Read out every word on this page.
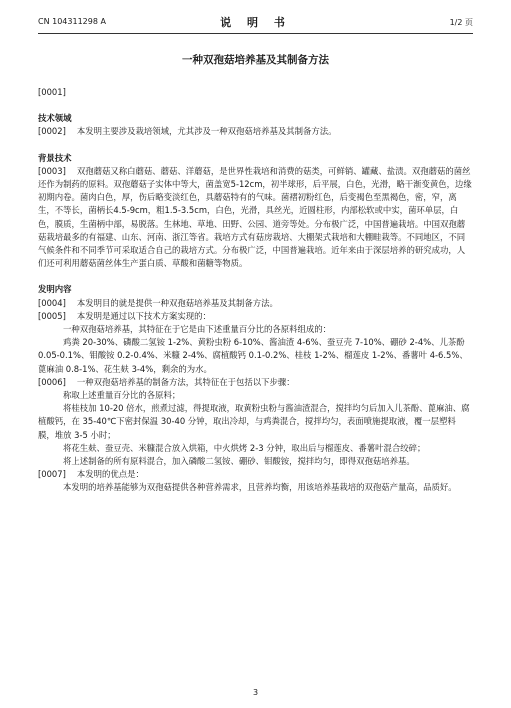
CN 104311298 A	说 明 书	1/2 页
一种双孢菇培养基及其制备方法

[0001]

技术领域

[0002]　 本发明主要涉及栽培领域，尤其涉及一种双孢菇培养基及其制备方法。

背景技术

[0003]　 双孢蘑菇又称白蘑菇、蘑菇、洋蘑菇，是世界性栽培和消费的菇类，可鲜销、罐藏、盐渍。双孢蘑菇的菌丝还作为制药的原料。双孢蘑菇子实体中等大，菌盖宽5-12cm，初半球形，后平展，白色，光滑，略干渐变黄色，边缘初期内卷。菌肉白色，厚，伤后略变淡红色，具蘑菇特有的气味。菌褶初粉红色，后变褐色至黑褐色，密，窄，离生，不等长，菌柄长4.5-9cm，粗1.5-3.5cm，白色，光滑，具丝光，近圆柱形，内部松软或中实，菌环单层，白色，膜质，生菌柄中部，易脱落。生林地、草地、田野、公园、道旁等处。分布极广泛，中国普遍栽培。中国双孢蘑菇栽培最多的有福建、山东、河南、浙江等省。栽培方式有菇房栽培、大棚架式栽培和大棚畦栽等。不同地区，不同气候条件和不同季节可采取适合自己的栽培方式。分布极广泛，中国普遍栽培。近年来由于深层培养的研究成功，人们还可利用蘑菇菌丝体生产蛋白质、草酸和菌糖等物质。

发明内容

[0004]　 本发明目的就是提供一种双孢菇培养基及其制备方法。

[0005]　 本发明是通过以下技术方案实现的：

一种双孢菇培养基，其特征在于它是由下述重量百分比的各原料组成的：

鸡粪 20-30%、磷酸二氢铵 1-2%、黄粉虫粉 6-10%、酱油渣 4-6%、蚕豆壳 7-10%、硼砂 2-4%、儿茶酚 0.05-0.1%、钼酸铵 0.2-0.4%、米糠 2-4%、腐植酸钙 0.1-0.2%、桂枝 1-2%、榴莲皮 1-2%、番薯叶 4-6.5%、蓖麻油 0.8-1%、花生麸 3-4%，剩余的为水。

[0006]　 一种双孢菇培养基的制备方法，其特征在于包括以下步骤：

称取上述重量百分比的各原料；

将桂枝加 10-20 倍水，煎煮过滤，得提取液，取黄粉虫粉与酱油渣混合，搅拌均匀后加入儿茶酚、蓖麻油、腐植酸钙，在 35-40℃下密封保温 30-40 分钟，取出冷却，与鸡粪混合，搅拌均匀，表面喷施提取液，覆一层塑料膜，堆放 3-5 小时；

将花生麸、蚕豆壳、米糠混合放入烘箱，中火烘烤 2-3 分钟，取出后与榴莲皮、番薯叶混合绞碎；

将上述制备的所有原料混合，加入磷酸二氢铵、硼砂、钼酸铵，搅拌均匀，即得双孢菇培养基。

[0007]　 本发明的优点是：

本发明的培养基能够为双孢菇提供各种营养需求，且营养均衡，用该培养基栽培的双孢菇产量高，品质好。

3
